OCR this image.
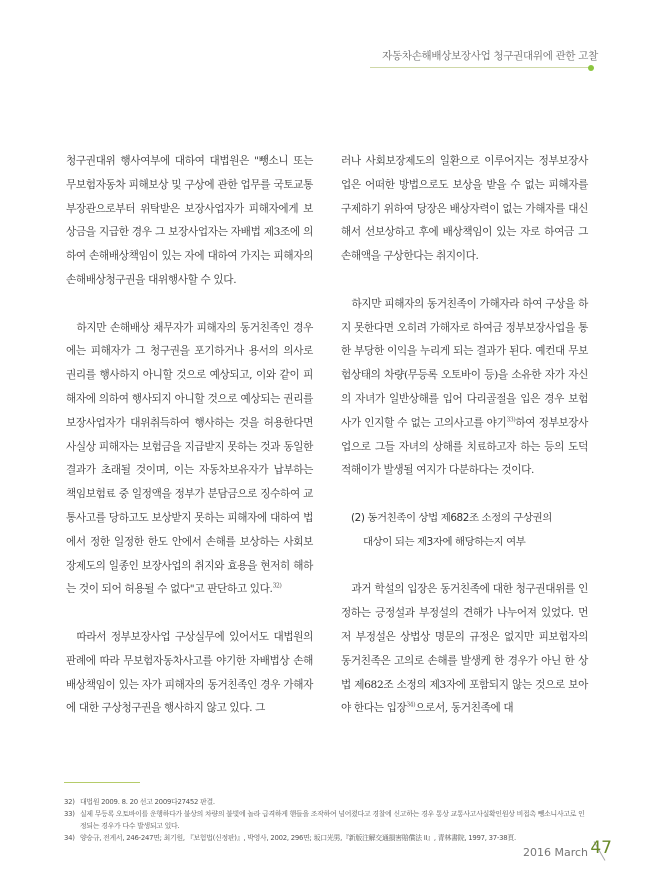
자동차손해배상보장사업 청구권대위에 관한 고찰

청구권대위 행사여부에 대하여 대법원은 "뺑소니 또는 무보험자동차 피해보상 및 구상에 관한 업무를 국토교통부장관으로부터 위탁받은 보장사업자가 피해자에게 보상금을 지급한 경우 그 보장사업자는 자배법 제3조에 의하여 손해배상책임이 있는 자에 대하여 가지는 피해자의 손해배상청구권을 대위행사할 수 있다.

하지만 손해배상 채무자가 피해자의 동거친족인 경우에는 피해자가 그 청구권을 포기하거나 용서의 의사로 권리를 행사하지 아니할 것으로 예상되고, 이와 같이 피해자에 의하여 행사되지 아니할 것으로 예상되는 권리를 보장사업자가 대위취득하여 행사하는 것을 허용한다면 사실상 피해자는 보험금을 지급받지 못하는 것과 동일한 결과가 초래될 것이며, 이는 자동차보유자가 납부하는 책임보험료 중 일정액을 정부가 분담금으로 징수하여 교통사고를 당하고도 보상받지 못하는 피해자에 대하여 법에서 정한 일정한 한도 안에서 손해를 보상하는 사회보장제도의 일종인 보장사업의 취지와 효용을 현저히 해하는 것이 되어 허용될 수 없다"고 판단하고 있다.$^{32)}$

따라서 정부보장사업 구상실무에 있어서도 대법원의 판례에 따라 무보험자동차사고를 야기한 자배법상 손해배상책임이 있는 자가 피해자의 동거친족인 경우 가해자에 대한 구상청구권을 행사하지 않고 있다. 그

러나 사회보장제도의 일환으로 이루어지는 정부보장사업은 어떠한 방법으로도 보상을 받을 수 없는 피해자를 구제하기 위하여 당장은 배상자력이 없는 가해자를 대신해서 선보상하고 후에 배상책임이 있는 자로 하여금 그 손해액을 구상한다는 취지이다.

하지만 피해자의 동거친족이 가해자라 하여 구상을 하지 못한다면 오히려 가해자로 하여금 정부보장사업을 통한 부당한 이익을 누리게 되는 결과가 된다. 예컨대 무보험상태의 차량(무등록 오토바이 등)을 소유한 자가 자신의 자녀가 일반상해를 입어 다리골절을 입은 경우 보험사가 인지할 수 없는 고의사고를 야기$^{33)}$하여 정부보장사업으로 그들 자녀의 상해를 치료하고자 하는 등의 도덕적해이가 발생될 여지가 다분하다는 것이다.

(2) 동거친족이 상법 제682조 소정의 구상권의
대상이 되는 제3자에 해당하는지 여부

과거 학설의 입장은 동거친족에 대한 청구권대위를 인정하는 긍정설과 부정설의 견해가 나누어져 있었다. 먼저 부정설은 상법상 명문의 규정은 없지만 피보험자의 동거친족은 고의로 손해를 발생케 한 경우가 아닌 한 상법 제682조 소정의 제3자에 포함되지 않는 것으로 보아야 한다는 입장$^{34)}$으로서, 동거친족에 대

32) 대법원 2009. 8. 20 선고 2009다27452 판결.
33) 실제 무등록 오토바이를 운행하다가 불상의 차량의 불빛에 놀라 급격하게 핸들을 조작하여 넘어졌다고 경찰에 신고하는 경우 통상 교통사고사실확인원상 비접촉 뺑소니사고로 인정되는 경우가 다수 발생되고 있다.
34) 양승규, 전게서, 246-247면; 최기원, 『보험법(신정판)』, 박영사, 2002, 296면; 坂口光男,『新版注解交通損害賠償法 II』, 青林書院, 1997, 37-38頁.
2016 March 47
